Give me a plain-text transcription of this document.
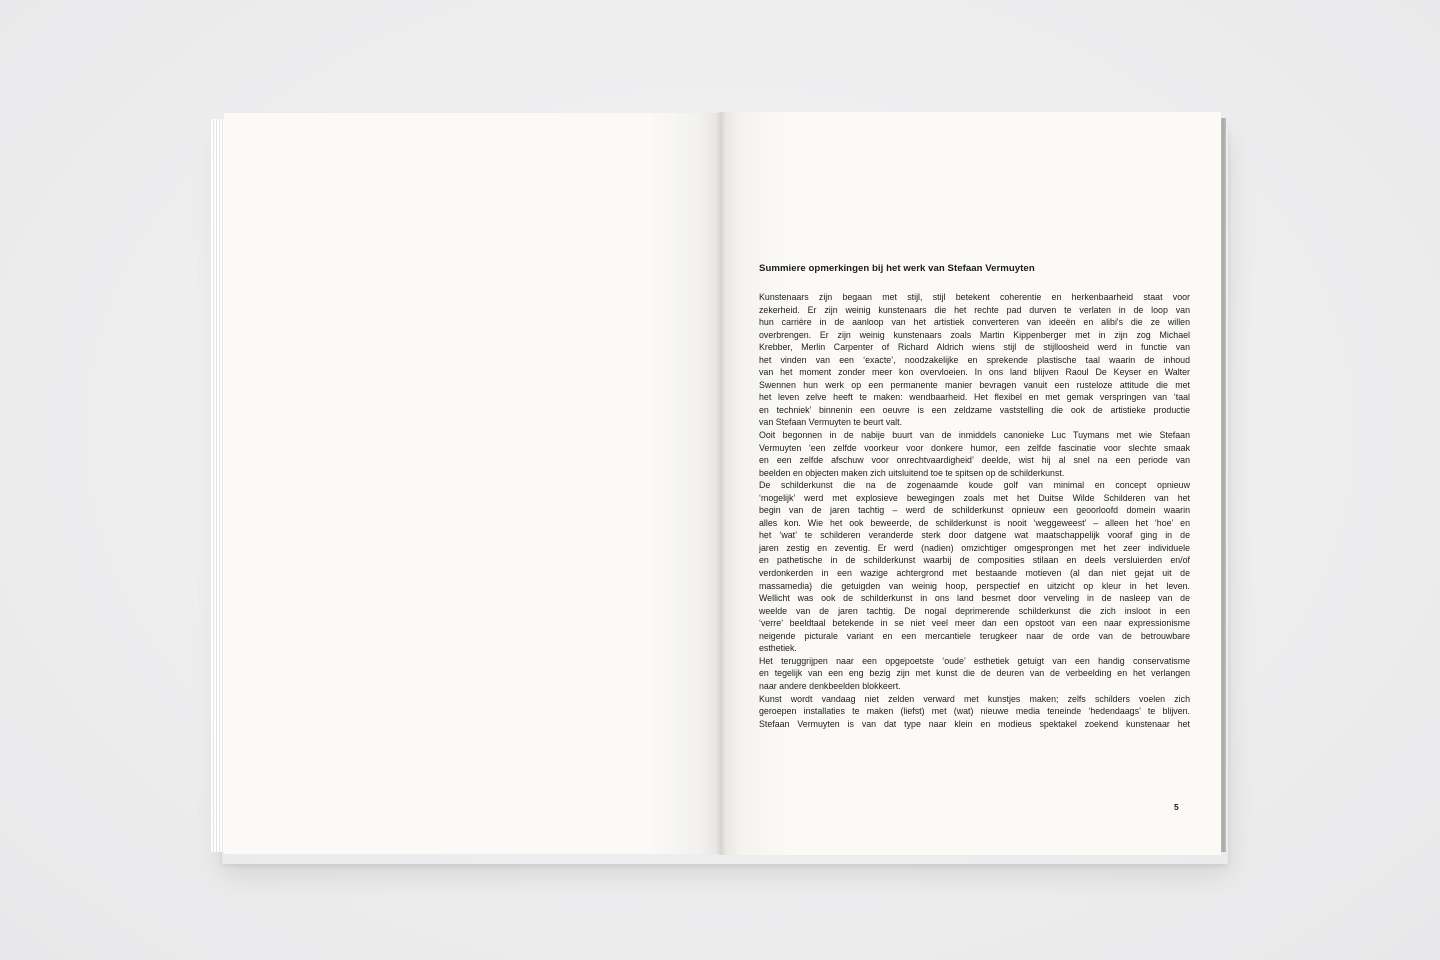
Summiere opmerkingen bij het werk van Stefaan Vermuyten

Kunstenaars zijn begaan met stijl, stijl betekent coherentie en herkenbaarheid staat voor
zekerheid. Er zijn weinig kunstenaars die het rechte pad durven te verlaten in de loop van
hun carrière in de aanloop van het artistiek converteren van ideeën en alibi's die ze willen
overbrengen. Er zijn weinig kunstenaars zoals Martin Kippenberger met in zijn zog Michael
Krebber, Merlin Carpenter of Richard Aldrich wiens stijl de stijlloosheid werd in functie van
het vinden van een ‘exacte’, noodzakelijke en sprekende plastische taal waarin de inhoud
van het moment zonder meer kon overvloeien. In ons land blijven Raoul De Keyser en Walter
Swennen hun werk op een permanente manier bevragen vanuit een rusteloze attitude die met
het leven zelve heeft te maken: wendbaarheid. Het flexibel en met gemak verspringen van ‘taal
en techniek’ binnenin een oeuvre is een zeldzame vaststelling die ook de artistieke productie
van Stefaan Vermuyten te beurt valt.

Ooit begonnen in de nabije buurt van de inmiddels canonieke Luc Tuymans met wie Stefaan
Vermuyten ‘een zelfde voorkeur voor donkere humor, een zelfde fascinatie voor slechte smaak
en een zelfde afschuw voor onrechtvaardigheid’ deelde, wist hij al snel na een periode van
beelden en objecten maken zich uitsluitend toe te spitsen op de schilderkunst.

De schilderkunst die na de zogenaamde koude golf van minimal en concept opnieuw
‘mogelijk’ werd met explosieve bewegingen zoals met het Duitse Wilde Schilderen van het
begin van de jaren tachtig – werd de schilderkunst opnieuw een geoorloofd domein waarin
alles kon. Wie het ook beweerde, de schilderkunst is nooit ‘weggeweest’ – alleen het ‘hoe’ en
het ‘wat’ te schilderen veranderde sterk door datgene wat maatschappelijk vooraf ging in de
jaren zestig en zeventig. Er werd (nadien) omzichtiger omgesprongen met het zeer individuele
en pathetische in de schilderkunst waarbij de composities stilaan en deels versluierden en/of
verdonkerden in een wazige achtergrond met bestaande motieven (al dan niet gejat uit de
massamedia) die getuigden van weinig hoop, perspectief en uitzicht op kleur in het leven.
Wellicht was ook de schilderkunst in ons land besmet door verveling in de nasleep van de
weelde van de jaren tachtig. De nogal deprimerende schilderkunst die zich insloot in een
‘verre’ beeldtaal betekende in se niet veel meer dan een opstoot van een naar expressionisme
neigende picturale variant en een mercantiele terugkeer naar de orde van de betrouwbare
esthetiek.

Het teruggrijpen naar een opgepoetste ‘oude’ esthetiek getuigt van een handig conservatisme
en tegelijk van een eng bezig zijn met kunst die de deuren van de verbeelding en het verlangen
naar andere denkbeelden blokkeert.

Kunst wordt vandaag niet zelden verward met kunstjes maken; zelfs schilders voelen zich
geroepen installaties te maken (liefst) met (wat) nieuwe media teneinde ‘hedendaags’ te blijven.
Stefaan Vermuyten is van dat type naar klein en modieus spektakel zoekend kunstenaar het

5
